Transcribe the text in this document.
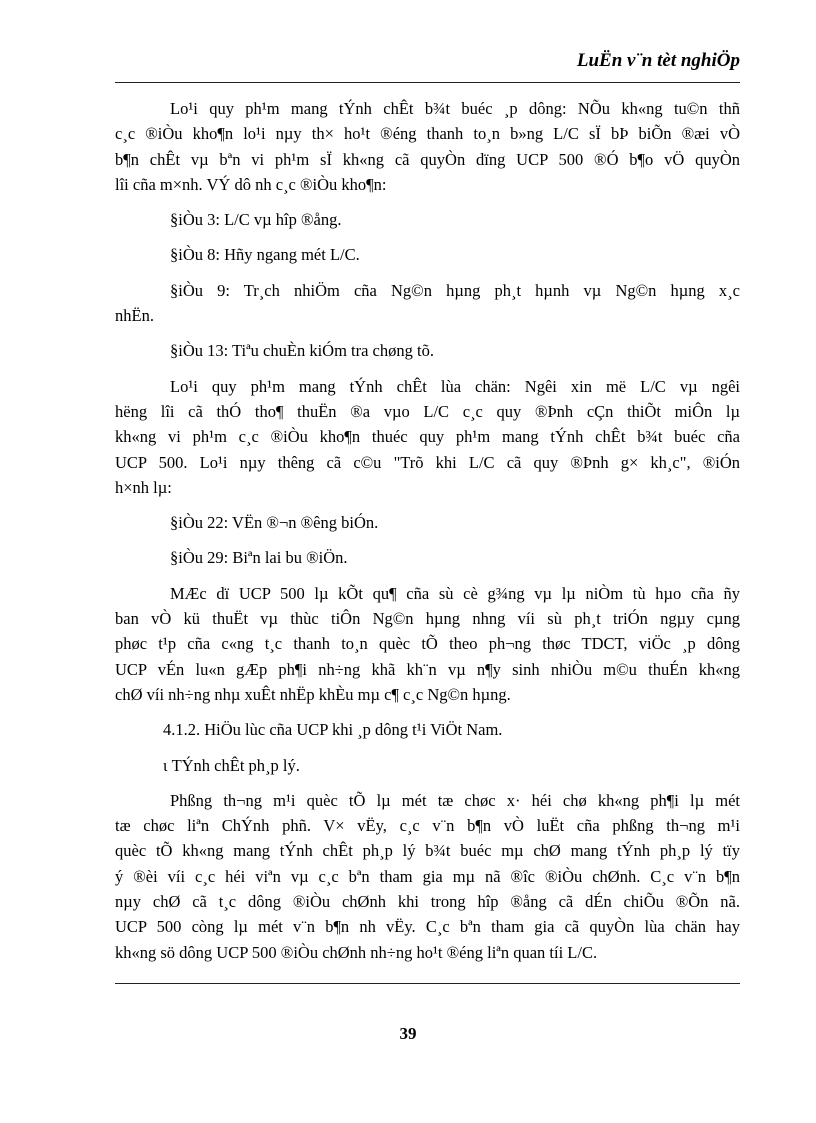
LuËn v¨n tèt nghiÖp
Lo¹i quy ph¹m mang tÝnh chÊt b¾t buéc ¸p dông: NÕu kh«ng tu©n thñ
c¸c ®iÒu kho¶n lo¹i nµy th× ho¹t ®éng thanh to¸n b»ng L/C sÏ bÞ biÕn ®æi vÒ
b¶n chÊt vµ bªn vi ph¹m sÏ kh«ng cã quyÒn dïng UCP 500 ®Ó b¶o vÖ quyÒn
lîi cña m×nh. VÝ dô nh c¸c ®iÒu kho¶n:
§iÒu 3: L/C vµ hîp ®ång.
§iÒu 8: Hñy ngang mét L/C.
§iÒu 9: Tr¸ch nhiÖm cña Ng©n hµng ph¸t hµnh vµ Ng©n hµng x¸c
nhËn.
§iÒu 13: Tiªu chuÈn kiÓm tra chøng tõ.
Lo¹i quy ph¹m mang tÝnh chÊt lùa chän: Ngêi xin më L/C vµ ngêi
hëng lîi cã thÓ tho¶ thuËn ®a vµo L/C c¸c quy ®Þnh cÇn thiÕt miÔn lµ
kh«ng vi ph¹m c¸c ®iÒu kho¶n thuéc quy ph¹m mang tÝnh chÊt b¾t buéc cña
UCP 500. Lo¹i nµy thêng cã c©u "Trõ khi L/C cã quy ®Þnh g× kh¸c", ®iÓn
h×nh lµ:
§iÒu 22: VËn ®¬n ®êng biÓn.
§iÒu 29: Biªn lai bu ®iÖn.
MÆc dï UCP 500 lµ kÕt qu¶ cña sù cè g¾ng vµ lµ niÒm tù hµo cña ñy
ban vÒ kü thuËt vµ thùc tiÔn Ng©n hµng nhng víi sù ph¸t triÓn ngµy cµng
phøc t¹p cña c«ng t¸c thanh to¸n quèc tÕ theo ph¬ng thøc TDCT, viÖc ¸p dông
UCP vÉn lu«n gÆp ph¶i nh÷ng khã kh¨n vµ n¶y sinh nhiÒu m©u thuÉn kh«ng
chØ víi nh÷ng nhµ xuÊt nhËp khÈu mµ c¶ c¸c Ng©n hµng.
4.1.2. HiÖu lùc cña UCP khi ¸p dông t¹i ViÖt Nam.
ι TÝnh chÊt ph¸p lý.
Phßng th¬ng m¹i quèc tÕ lµ mét tæ chøc x· héi chø kh«ng ph¶i lµ mét
tæ chøc liªn ChÝnh phñ. V× vËy, c¸c v¨n b¶n vÒ luËt cña phßng th¬ng m¹i
quèc tÕ kh«ng mang tÝnh chÊt ph¸p lý b¾t buéc mµ chØ mang tÝnh ph¸p lý tïy
ý ®èi víi c¸c héi viªn vµ c¸c bªn tham gia mµ nã ®îc ®iÒu chØnh. C¸c v¨n b¶n
nµy chØ cã t¸c dông ®iÒu chØnh khi trong hîp ®ång cã dÉn chiÕu ®Õn nã.
UCP 500 còng lµ mét v¨n b¶n nh vËy. C¸c bªn tham gia cã quyÒn lùa chän hay
kh«ng sö dông UCP 500 ®iÒu chØnh nh÷ng ho¹t ®éng liªn quan tíi L/C.
39
